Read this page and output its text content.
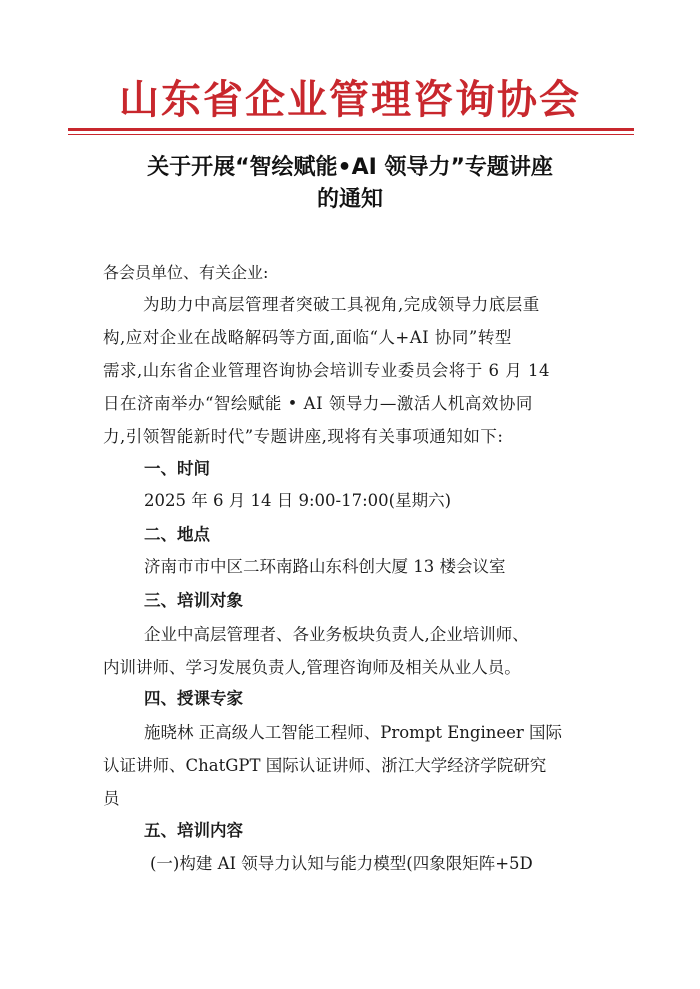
山东省企业管理咨询协会
关于开展“智绘赋能•AI 领导力”专题讲座
的通知
各会员单位、有关企业:
为助力中高层管理者突破工具视角,完成领导力底层重
构,应对企业在战略解码等方面,面临“人+AI 协同”转型
需求,山东省企业管理咨询协会培训专业委员会将于 6 月 14
日在济南举办“智绘赋能 • AI 领导力—激活人机高效协同
力,引领智能新时代”专题讲座,现将有关事项通知如下:
一、时间
2025 年 6 月 14 日 9:00-17:00(星期六)
二、地点
济南市市中区二环南路山东科创大厦 13 楼会议室
三、培训对象
企业中高层管理者、各业务板块负责人,企业培训师、
内训讲师、学习发展负责人,管理咨询师及相关从业人员。
四、授课专家
施晓林 正高级人工智能工程师、Prompt Engineer 国际
认证讲师、ChatGPT 国际认证讲师、浙江大学经济学院研究
员
五、培训内容
(一)构建 AI 领导力认知与能力模型(四象限矩阵+5D
